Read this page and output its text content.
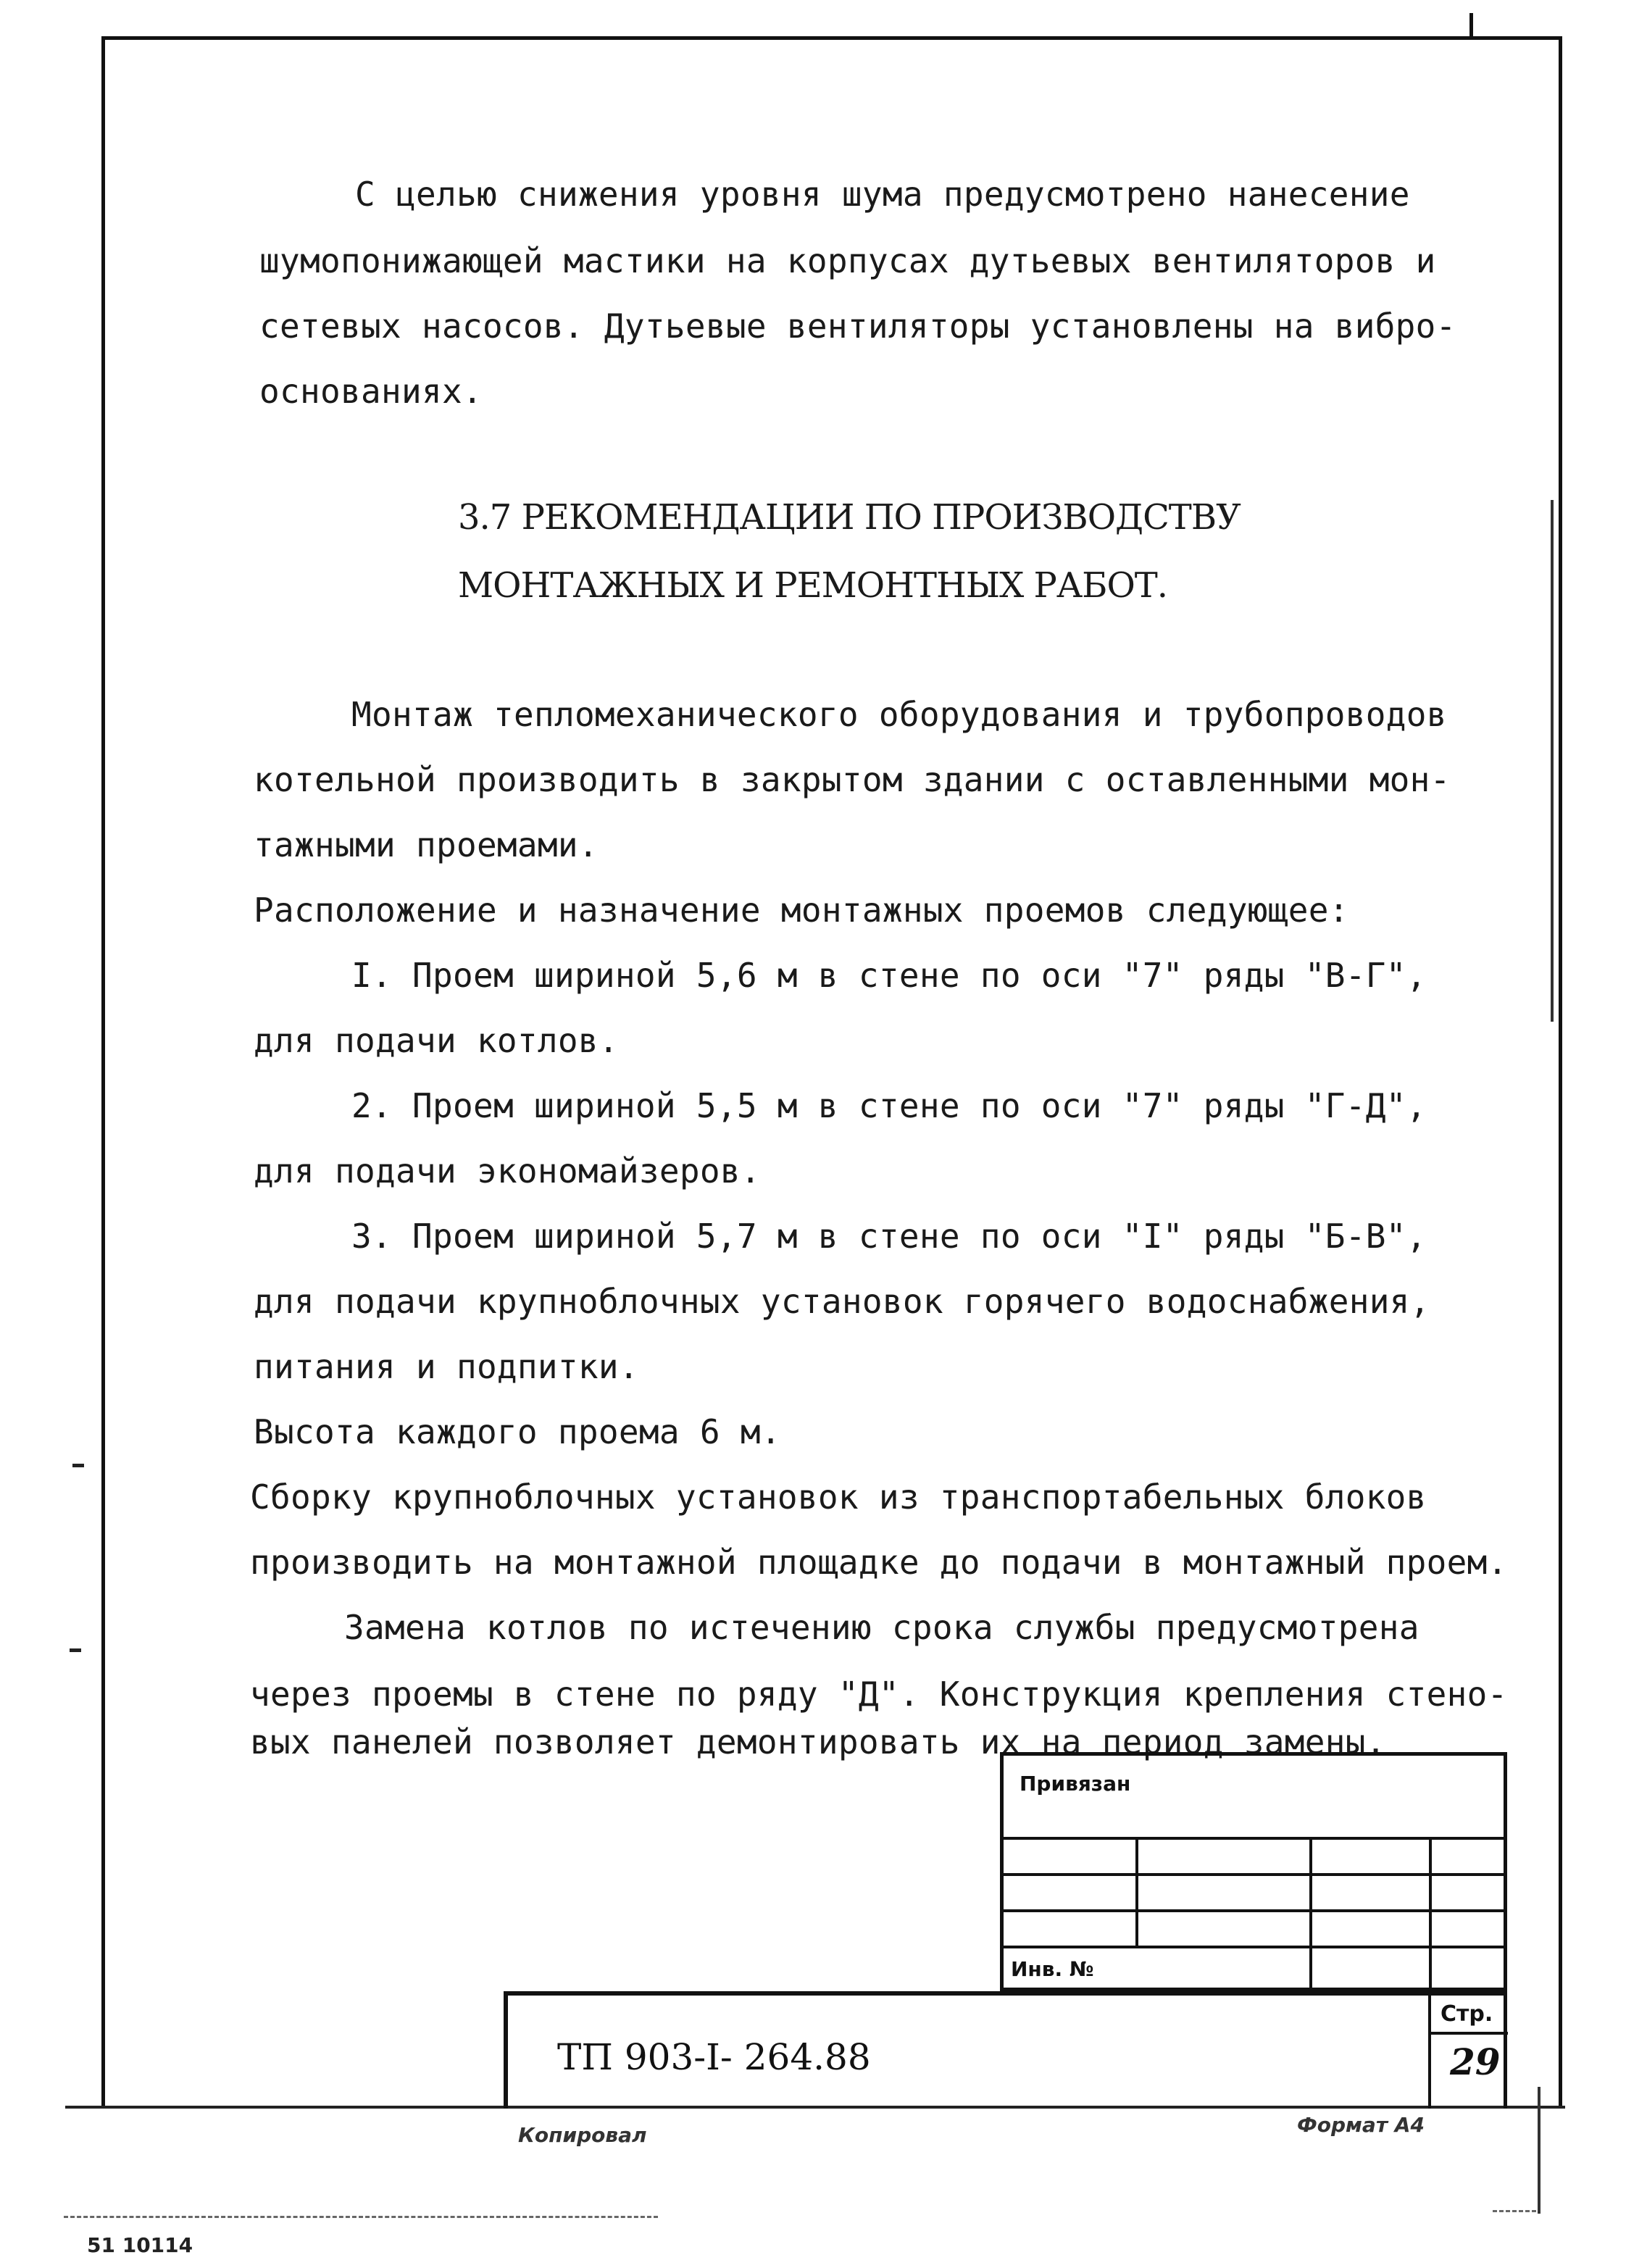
С целью снижения уровня шума предусмотрено нанесение
шумопонижающей мастики на корпусах дутьевых вентиляторов и
сетевых насосов. Дутьевые вентиляторы установлены на вибро-
основаниях.
3.7 РЕКОМЕНДАЦИИ ПО ПРОИЗВОДСТВУ
МОНТАЖНЫХ И РЕМОНТНЫХ РАБОТ.
Монтаж тепломеханического оборудования и трубопроводов
котельной производить в закрытом здании с оставленными мон-
тажными проемами.
Расположение и назначение монтажных проемов следующее:
I. Проем шириной 5,6 м в стене по оси "7" ряды "В-Г",
для подачи котлов.
2. Проем шириной 5,5 м в стене по оси "7" ряды "Г-Д",
для подачи экономайзеров.
3. Проем шириной 5,7 м в стене по оси "I" ряды "Б-В",
для подачи крупноблочных установок горячего водоснабжения,
питания и подпитки.
Высота каждого проема 6 м.
Сборку крупноблочных установок из транспортабельных блоков
производить на монтажной площадке до подачи в монтажный проем.
Замена котлов по истечению срока службы предусмотрена
через проемы в стене по ряду "Д". Конструкция крепления стено-
вых панелей позволяет демонтировать их на период замены.
Привязан
Инв. №
ТП 903-I- 264.88
Стр.
29
Копировал	Формат А4
51 10114
